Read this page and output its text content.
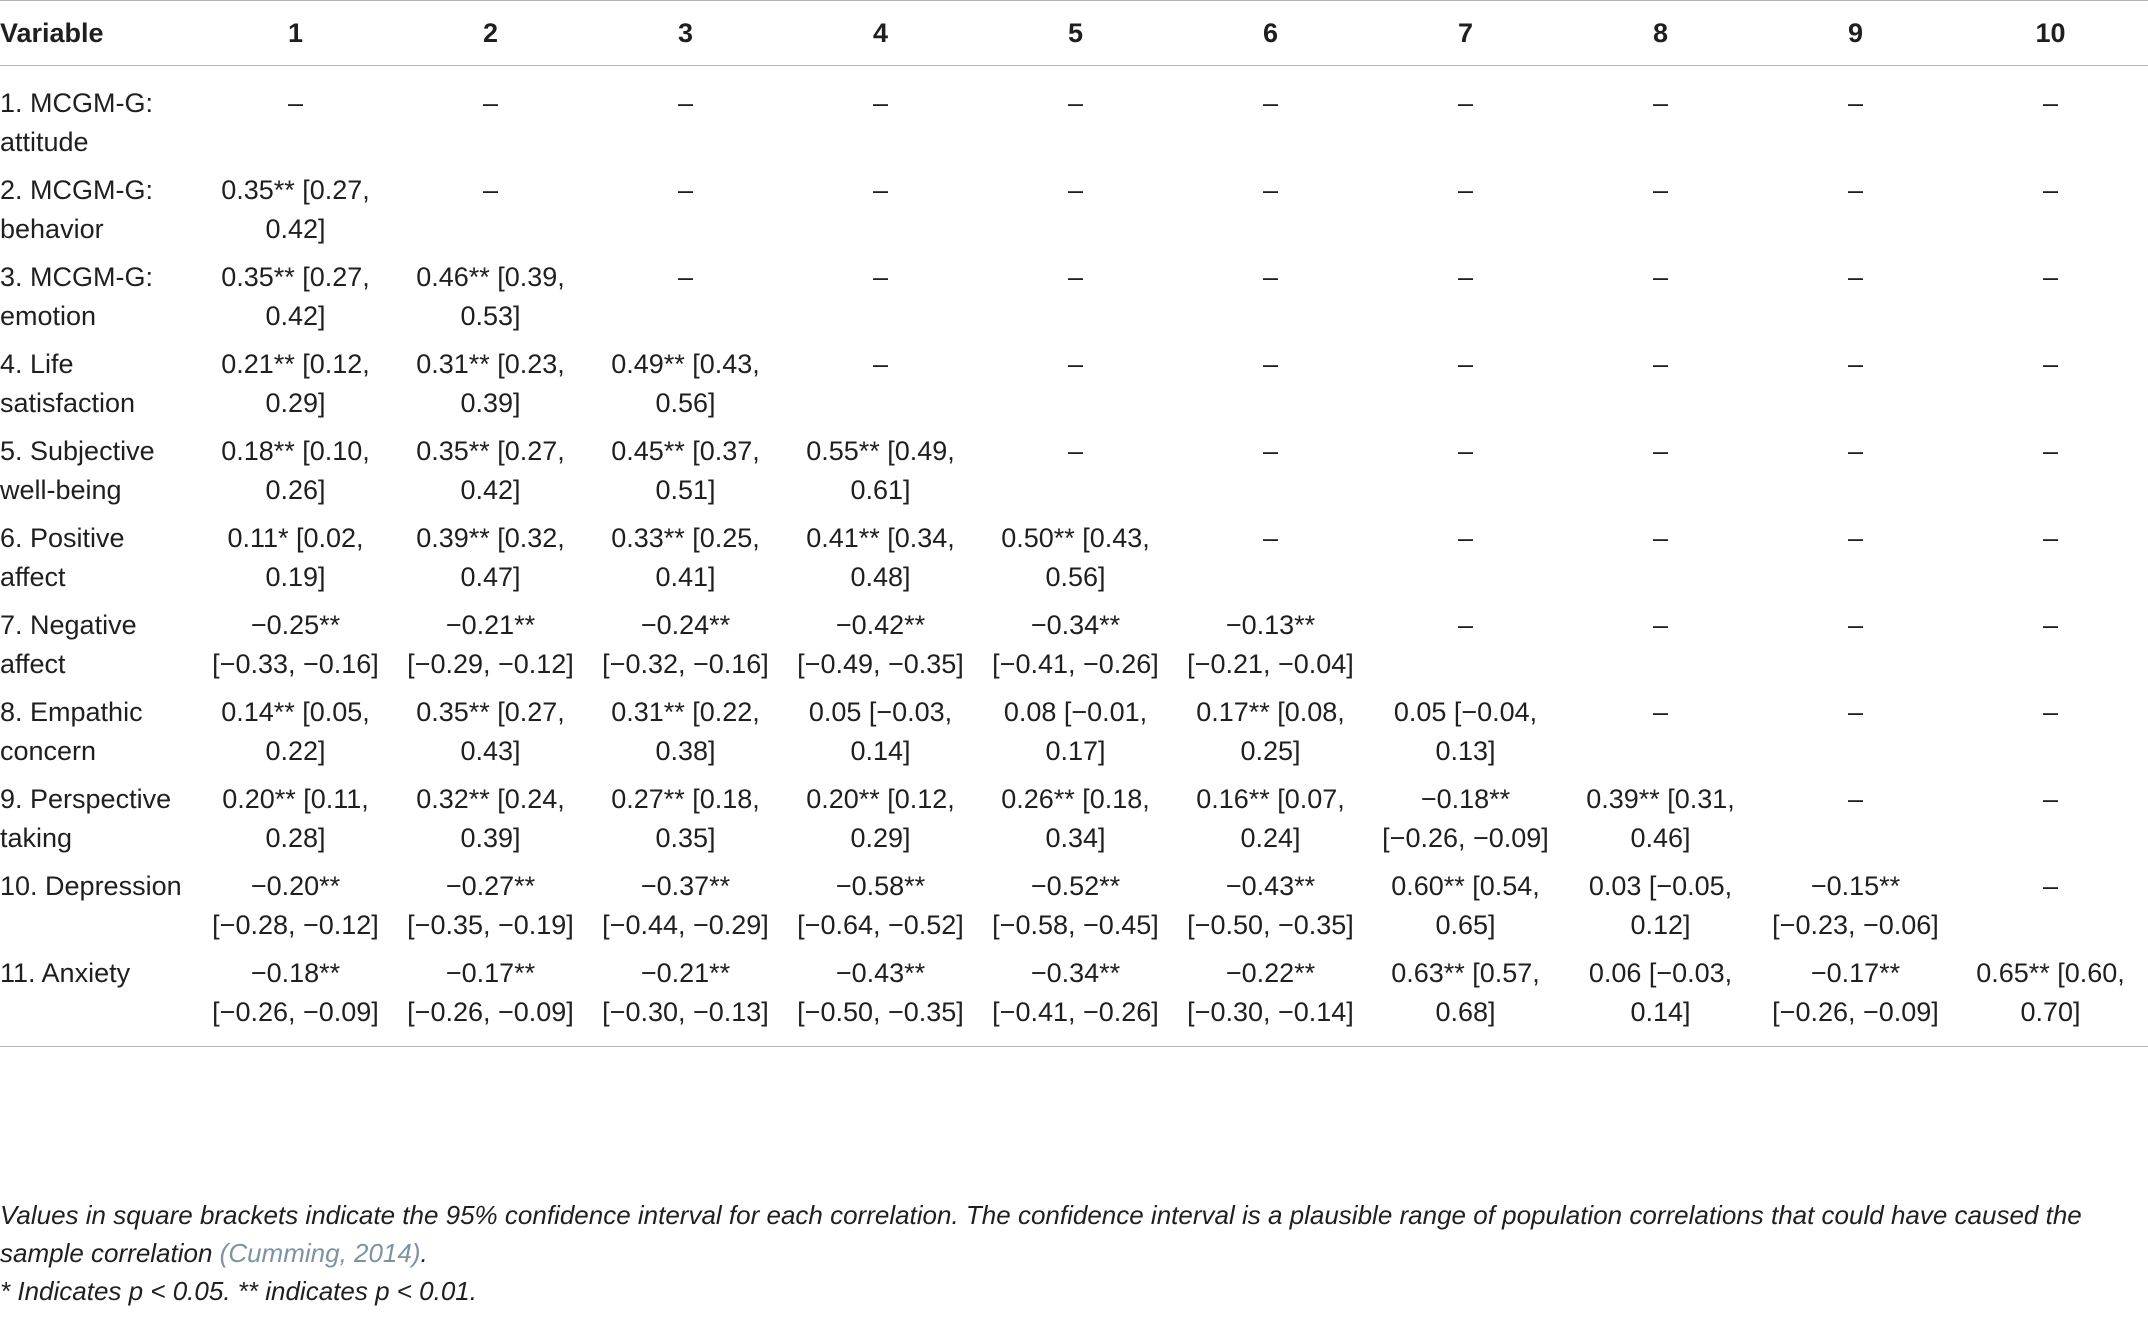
Variable	1	2	3	4	5	6	7	8	9	10

1. MCGM-G: attitude	–	–	–	–	–	–	–	–	–	–

2. MCGM-G: behavior	0.35** [0.27, 0.42]	–	–	–	–	–	–	–	–	–

3. MCGM-G: emotion	0.35** [0.27, 0.42]	0.46** [0.39, 0.53]	–	–	–	–	–	–	–	–

4. Life satisfaction	0.21** [0.12, 0.29]	0.31** [0.23, 0.39]	0.49** [0.43, 0.56]	–	–	–	–	–	–	–

5. Subjective well-being	0.18** [0.10, 0.26]	0.35** [0.27, 0.42]	0.45** [0.37, 0.51]	0.55** [0.49, 0.61]	–	–	–	–	–	–

6. Positive affect	0.11* [0.02, 0.19]	0.39** [0.32, 0.47]	0.33** [0.25, 0.41]	0.41** [0.34, 0.48]	0.50** [0.43, 0.56]	–	–	–	–	–

7. Negative affect	−0.25** [−0.33, −0.16]	−0.21** [−0.29, −0.12]	−0.24** [−0.32, −0.16]	−0.42** [−0.49, −0.35]	−0.34** [−0.41, −0.26]	−0.13** [−0.21, −0.04]	–	–	–	–

8. Empathic concern	0.14** [0.05, 0.22]	0.35** [0.27, 0.43]	0.31** [0.22, 0.38]	0.05 [−0.03, 0.14]	0.08 [−0.01, 0.17]	0.17** [0.08, 0.25]	0.05 [−0.04, 0.13]	–	–	–

9. Perspective taking	0.20** [0.11, 0.28]	0.32** [0.24, 0.39]	0.27** [0.18, 0.35]	0.20** [0.12, 0.29]	0.26** [0.18, 0.34]	0.16** [0.07, 0.24]	−0.18** [−0.26, −0.09]	0.39** [0.31, 0.46]	–	–

10. Depression	−0.20** [−0.28, −0.12]	−0.27** [−0.35, −0.19]	−0.37** [−0.44, −0.29]	−0.58** [−0.64, −0.52]	−0.52** [−0.58, −0.45]	−0.43** [−0.50, −0.35]	0.60** [0.54, 0.65]	0.03 [−0.05, 0.12]	−0.15** [−0.23, −0.06]	–

11. Anxiety	−0.18** [−0.26, −0.09]	−0.17** [−0.26, −0.09]	−0.21** [−0.30, −0.13]	−0.43** [−0.50, −0.35]	−0.34** [−0.41, −0.26]	−0.22** [−0.30, −0.14]	0.63** [0.57, 0.68]	0.06 [−0.03, 0.14]	−0.17** [−0.26, −0.09]	0.65** [0.60, 0.70]

Values in square brackets indicate the 95% confidence interval for each correlation. The confidence interval is a plausible range of population correlations that could have caused the sample correlation (Cumming, 2014).

* Indicates p < 0.05. ** indicates p < 0.01.
